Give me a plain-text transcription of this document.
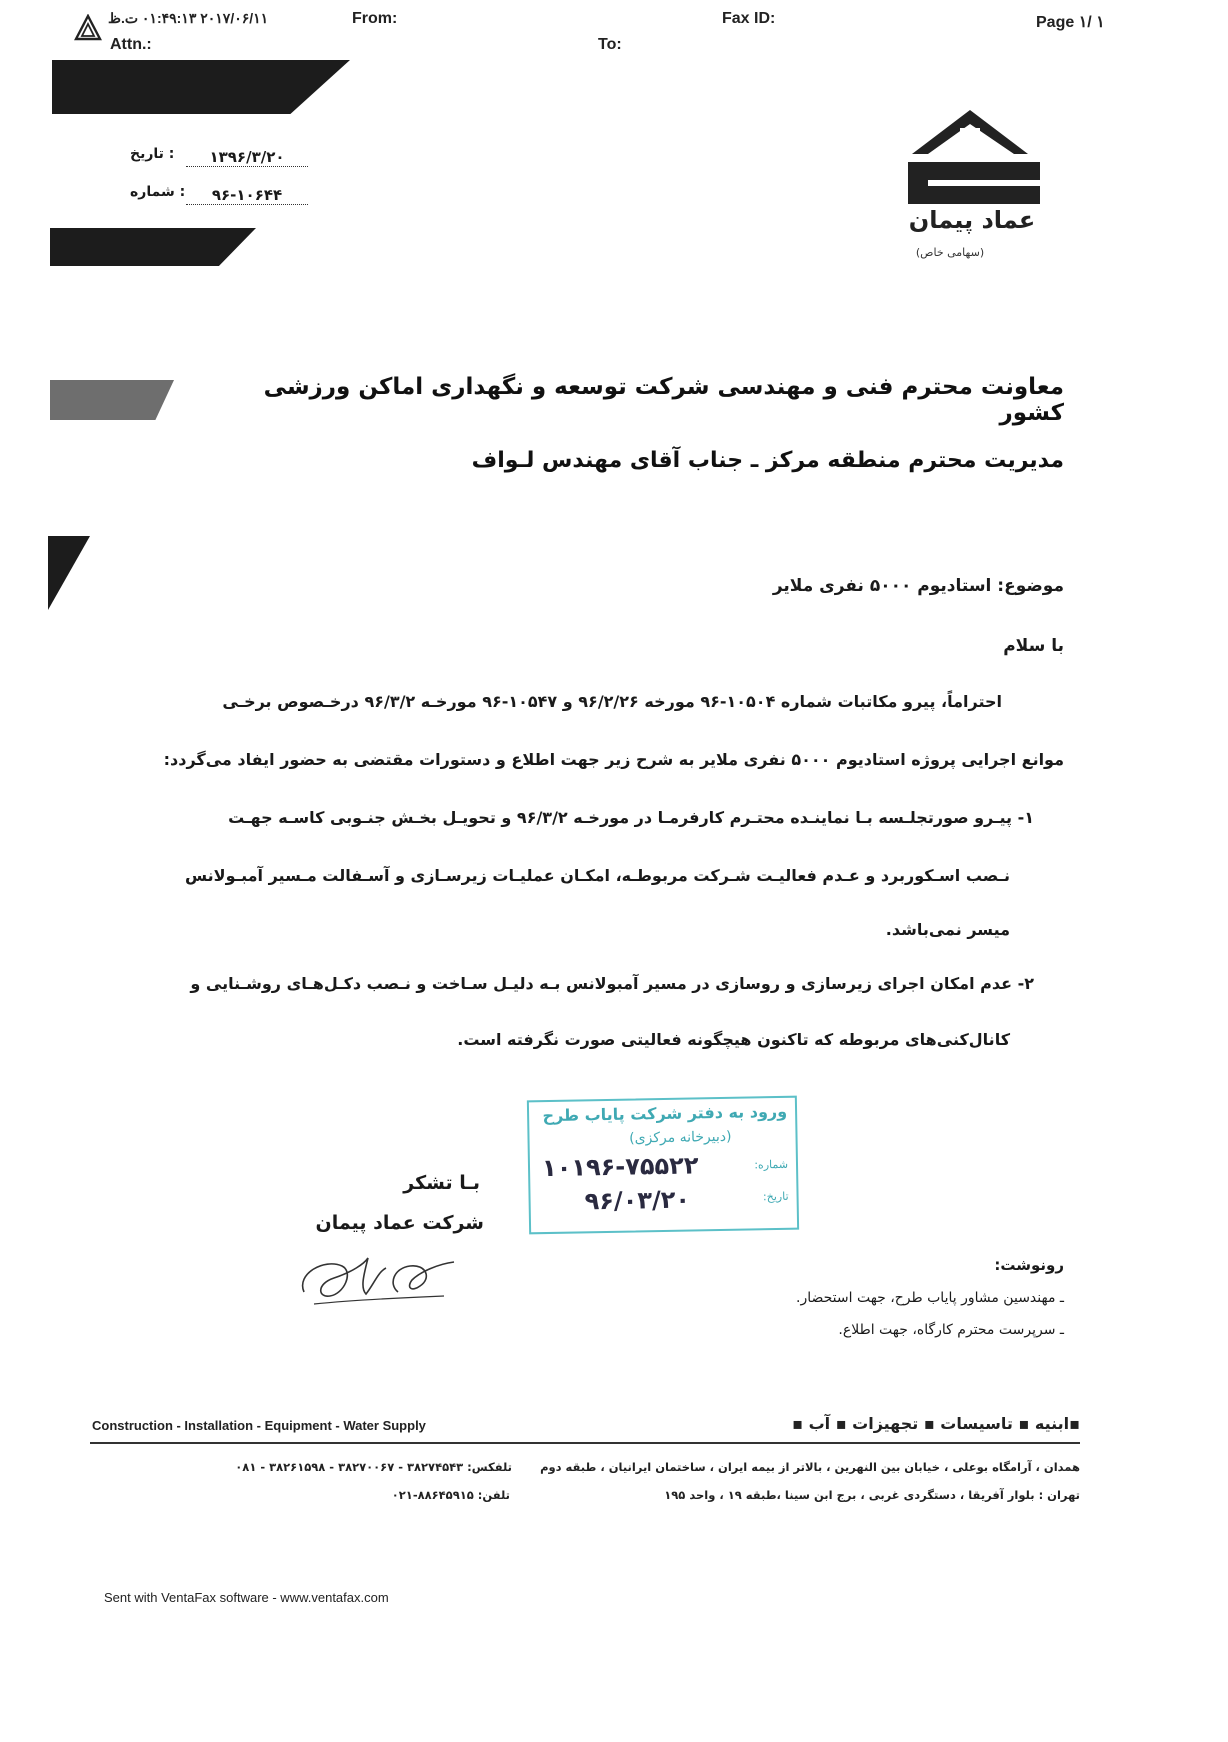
۲۰۱۷/۰۶/۱۱ ۰۱:۴۹:۱۳ ت.ظ	From:
Attn.:
Fax ID:
To:
Page ۱/ ۱
۱۳۹۶/۳/۲۰
: تاریخ
۹۶-۱۰۶۴۴
: شماره
عماد پیمان
(سهامی خاص)
معاونت محترم فنی و مهندسی شرکت توسعه و نگهداری اماکن ورزشی کشور
مدیریت محترم منطقه مرکز ـ جناب آقای مهندس لـواف
موضوع: استادیوم ۵۰۰۰ نفری ملایر
با سلام
احتراماً، پیرو مکاتبات شماره ۱۰۵۰۴-۹۶ مورخه ۹۶/۲/۲۶ و ۱۰۵۴۷-۹۶ مورخـه ۹۶/۳/۲ درخـصوص برخـی
موانع اجرایی پروژه استادیوم ۵۰۰۰ نفری ملایر به شرح زیر جهت اطلاع و دستورات مقتضی به حضور ایفاد می‌گردد:
۱- پیـرو صورتجلـسه بـا نماینـده محتـرم کارفرمـا در مورخـه ۹۶/۳/۲ و تحویـل بخـش جنـوبی کاسـه جهـت
نـصب اسـکوربرد و عـدم فعالیـت شـرکت مربوطـه، امکـان عملیـات زیرسـازی و آسـفالت مـسیر آمبـولانس
میسر نمی‌باشد.
۲- عدم امکان اجرای زیرسازی و روسازی در مسیر آمبولانس بـه دلیـل سـاخت و نـصب دکـل‌هـای روشـنایی و
کانال‌کنی‌های مربوطه که تاکنون هیچگونه فعالیتی صورت نگرفته است.
ورود به دفتر شرکت پایاب طرح
(دبیرخانه مرکزی)
شماره:
۱۰۱۹۶-۷۵۵۲۲
تاریخ:
۹۶/۰۳/۲۰
بـا تشکر
شرکت عماد پیمان
رونوشت:
ـ مهندسین مشاور پایاب طرح، جهت استحضار.
ـ سرپرست محترم کارگاه، جهت اطلاع.
Construction - Installation - Equipment - Water Supply	▪ابنیه ▪ تاسیسات ▪ تجهیزات ▪ آب ▪
همدان ، آرامگاه بوعلی ، خیابان بین النهرین ، بالاتر از بیمه ایران ، ساختمان ایرانیان ، طبقه دوم
تلفکس: ۳۸۲۷۴۵۴۳ - ۳۸۲۷۰۰۶۷ - ۳۸۲۶۱۵۹۸ - ۰۸۱
تهران : بلوار آفریقا ، دستگردی غربی ، برج ابن سینا ،طبقه ۱۹ ، واحد ۱۹۵
تلفن: ۸۸۶۴۵۹۱۵-۰۲۱
Sent with VentaFax software - www.ventafax.com
